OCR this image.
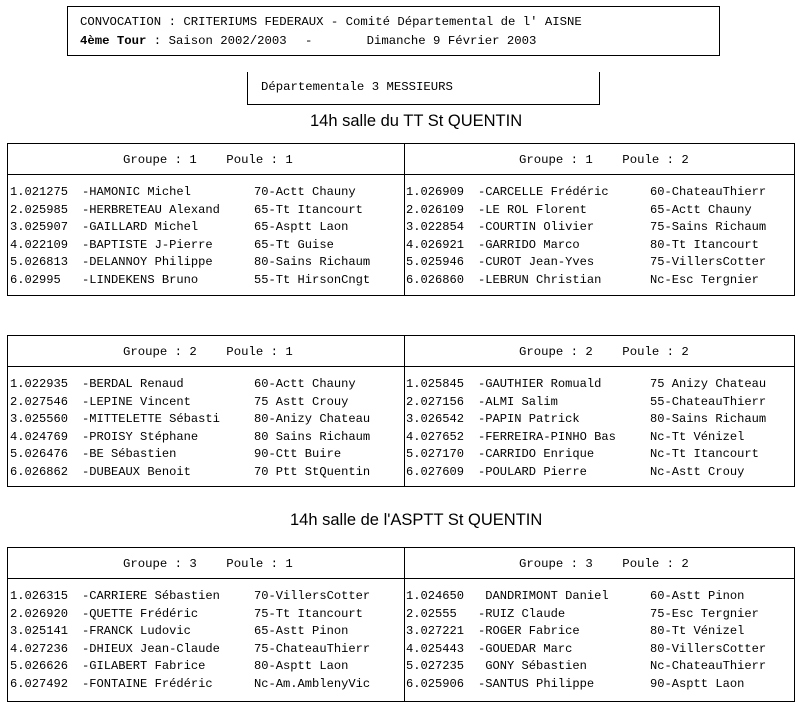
CONVOCATION : CRITERIUMS FEDERAUX - Comité Départemental de l' AISNE
4ème Tour : Saison 2002/2003 -	Dimanche 9 Février 2003
Départementale 3 MESSIEURS
14h salle du TT St QUENTIN
Groupe : 1    Poule : 1
1.021275	-HAMONIC Michel	70-Actt Chauny
2.025985	-HERBRETEAU Alexand	65-Tt Itancourt
3.025907	-GAILLARD Michel	65-Asptt Laon
4.022109	-BAPTISTE J-Pierre	65-Tt Guise
5.026813	-DELANNOY Philippe	80-Sains Richaum
6.02995	-LINDEKENS Bruno	55-Tt HirsonCngt
Groupe : 1    Poule : 2
1.026909	-CARCELLE Frédéric	60-ChateauThierr
2.026109	-LE ROL Florent	65-Actt Chauny
3.022854	-COURTIN Olivier	75-Sains Richaum
4.026921	-GARRIDO Marco	80-Tt Itancourt
5.025946	-CUROT Jean-Yves	75-VillersCotter
6.026860	-LEBRUN Christian	Nc-Esc Tergnier
Groupe : 2    Poule : 1
1.022935	-BERDAL Renaud	60-Actt Chauny
2.027546	-LEPINE Vincent	75 Astt Crouy
3.025560	-MITTELETTE Sébasti	80-Anizy Chateau
4.024769	-PROISY Stéphane	80 Sains Richaum
5.026476	-BE Sébastien	90-Ctt Buire
6.026862	-DUBEAUX Benoit	70 Ptt StQuentin
Groupe : 2    Poule : 2
1.025845	-GAUTHIER Romuald	75 Anizy Chateau
2.027156	-ALMI Salim	55-ChateauThierr
3.026542	-PAPIN Patrick	80-Sains Richaum
4.027652	-FERREIRA-PINHO Bas	Nc-Tt Vénizel
5.027170	-CARRIDO Enrique	Nc-Tt Itancourt
6.027609	-POULARD Pierre	Nc-Astt Crouy
14h salle de l'ASPTT St QUENTIN
Groupe : 3    Poule : 1
1.026315	-CARRIERE Sébastien	70-VillersCotter
2.026920	-QUETTE Frédéric	75-Tt Itancourt
3.025141	-FRANCK Ludovic	65-Astt Pinon
4.027236	-DHIEUX Jean-Claude	75-ChateauThierr
5.026626	-GILABERT Fabrice	80-Asptt Laon
6.027492	-FONTAINE Frédéric	Nc-Am.AmblenyVic
Groupe : 3    Poule : 2
1.024650	DANDRIMONT Daniel	60-Astt Pinon
2.02555	-RUIZ Claude	75-Esc Tergnier
3.027221	-ROGER Fabrice	80-Tt Vénizel
4.025443	-GOUEDAR Marc	80-VillersCotter
5.027235	GONY Sébastien	Nc-ChateauThierr
6.025906	-SANTUS Philippe	90-Asptt Laon
